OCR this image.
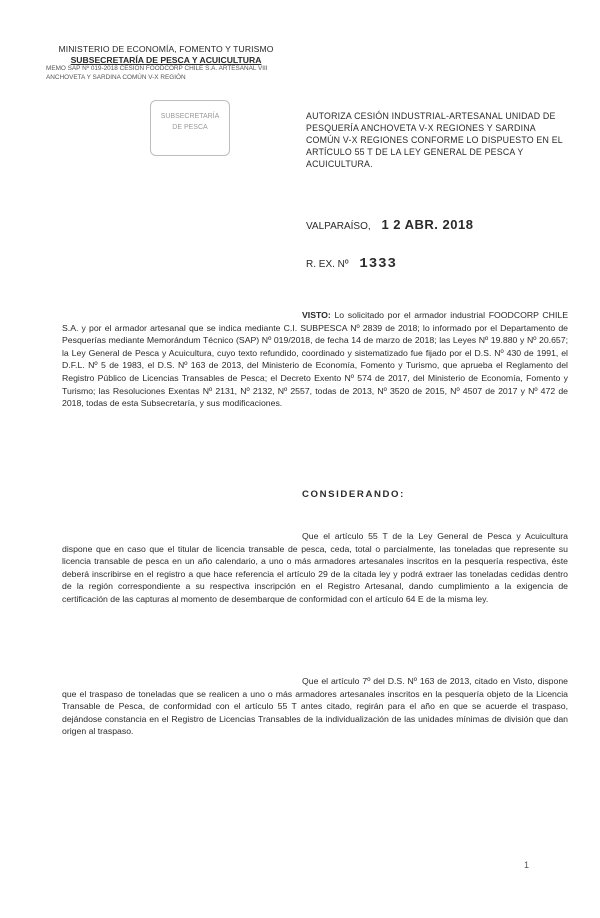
MINISTERIO DE ECONOMÍA, FOMENTO Y TURISMO
SUBSECRETARÍA DE PESCA Y ACUICULTURA
MEMO SAP Nº 019-2018 CESIÓN FOODCORP CHILE S.A. ARTESANAL VIII
ANCHOVETA Y SARDINA COMÚN V-X REGIÓN
SUBSECRETARÍA
DE PESCA
AUTORIZA CESIÓN INDUSTRIAL-ARTESANAL UNIDAD DE PESQUERÍA ANCHOVETA V-X REGIONES Y SARDINA COMÚN V-X REGIONES CONFORME LO DISPUESTO EN EL ARTÍCULO 55 T DE LA LEY GENERAL DE PESCA Y ACUICULTURA.
VALPARAÍSO, 1 2 ABR. 2018
R. EX. Nº 1333
VISTO: Lo solicitado por el armador industrial FOODCORP CHILE S.A. y por el armador artesanal que se indica mediante C.I. SUBPESCA Nº 2839 de 2018; lo informado por el Departamento de Pesquerías mediante Memorándum Técnico (SAP) Nº 019/2018, de fecha 14 de marzo de 2018; las Leyes Nº 19.880 y Nº 20.657; la Ley General de Pesca y Acuicultura, cuyo texto refundido, coordinado y sistematizado fue fijado por el D.S. Nº 430 de 1991, el D.F.L. Nº 5 de 1983, el D.S. Nº 163 de 2013, del Ministerio de Economía, Fomento y Turismo, que aprueba el Reglamento del Registro Público de Licencias Transables de Pesca; el Decreto Exento Nº 574 de 2017, del Ministerio de Economía, Fomento y Turismo; las Resoluciones Exentas Nº 2131, Nº 2132, Nº 2557, todas de 2013, Nº 3520 de 2015, Nº 4507 de 2017 y Nº 472 de 2018, todas de esta Subsecretaría, y sus modificaciones.
CONSIDERANDO:
Que el artículo 55 T de la Ley General de Pesca y Acuicultura dispone que en caso que el titular de licencia transable de pesca, ceda, total o parcialmente, las toneladas que represente su licencia transable de pesca en un año calendario, a uno o más armadores artesanales inscritos en la pesquería respectiva, éste deberá inscribirse en el registro a que hace referencia el artículo 29 de la citada ley y podrá extraer las toneladas cedidas dentro de la región correspondiente a su respectiva inscripción en el Registro Artesanal, dando cumplimiento a la exigencia de certificación de las capturas al momento de desembarque de conformidad con el artículo 64 E de la misma ley.
Que el artículo 7º del D.S. Nº 163 de 2013, citado en Visto, dispone que el traspaso de toneladas que se realicen a uno o más armadores artesanales inscritos en la pesquería objeto de la Licencia Transable de Pesca, de conformidad con el artículo 55 T antes citado, regirán para el año en que se acuerde el traspaso, dejándose constancia en el Registro de Licencias Transables de la individualización de las unidades mínimas de división que dan origen al traspaso.
1
